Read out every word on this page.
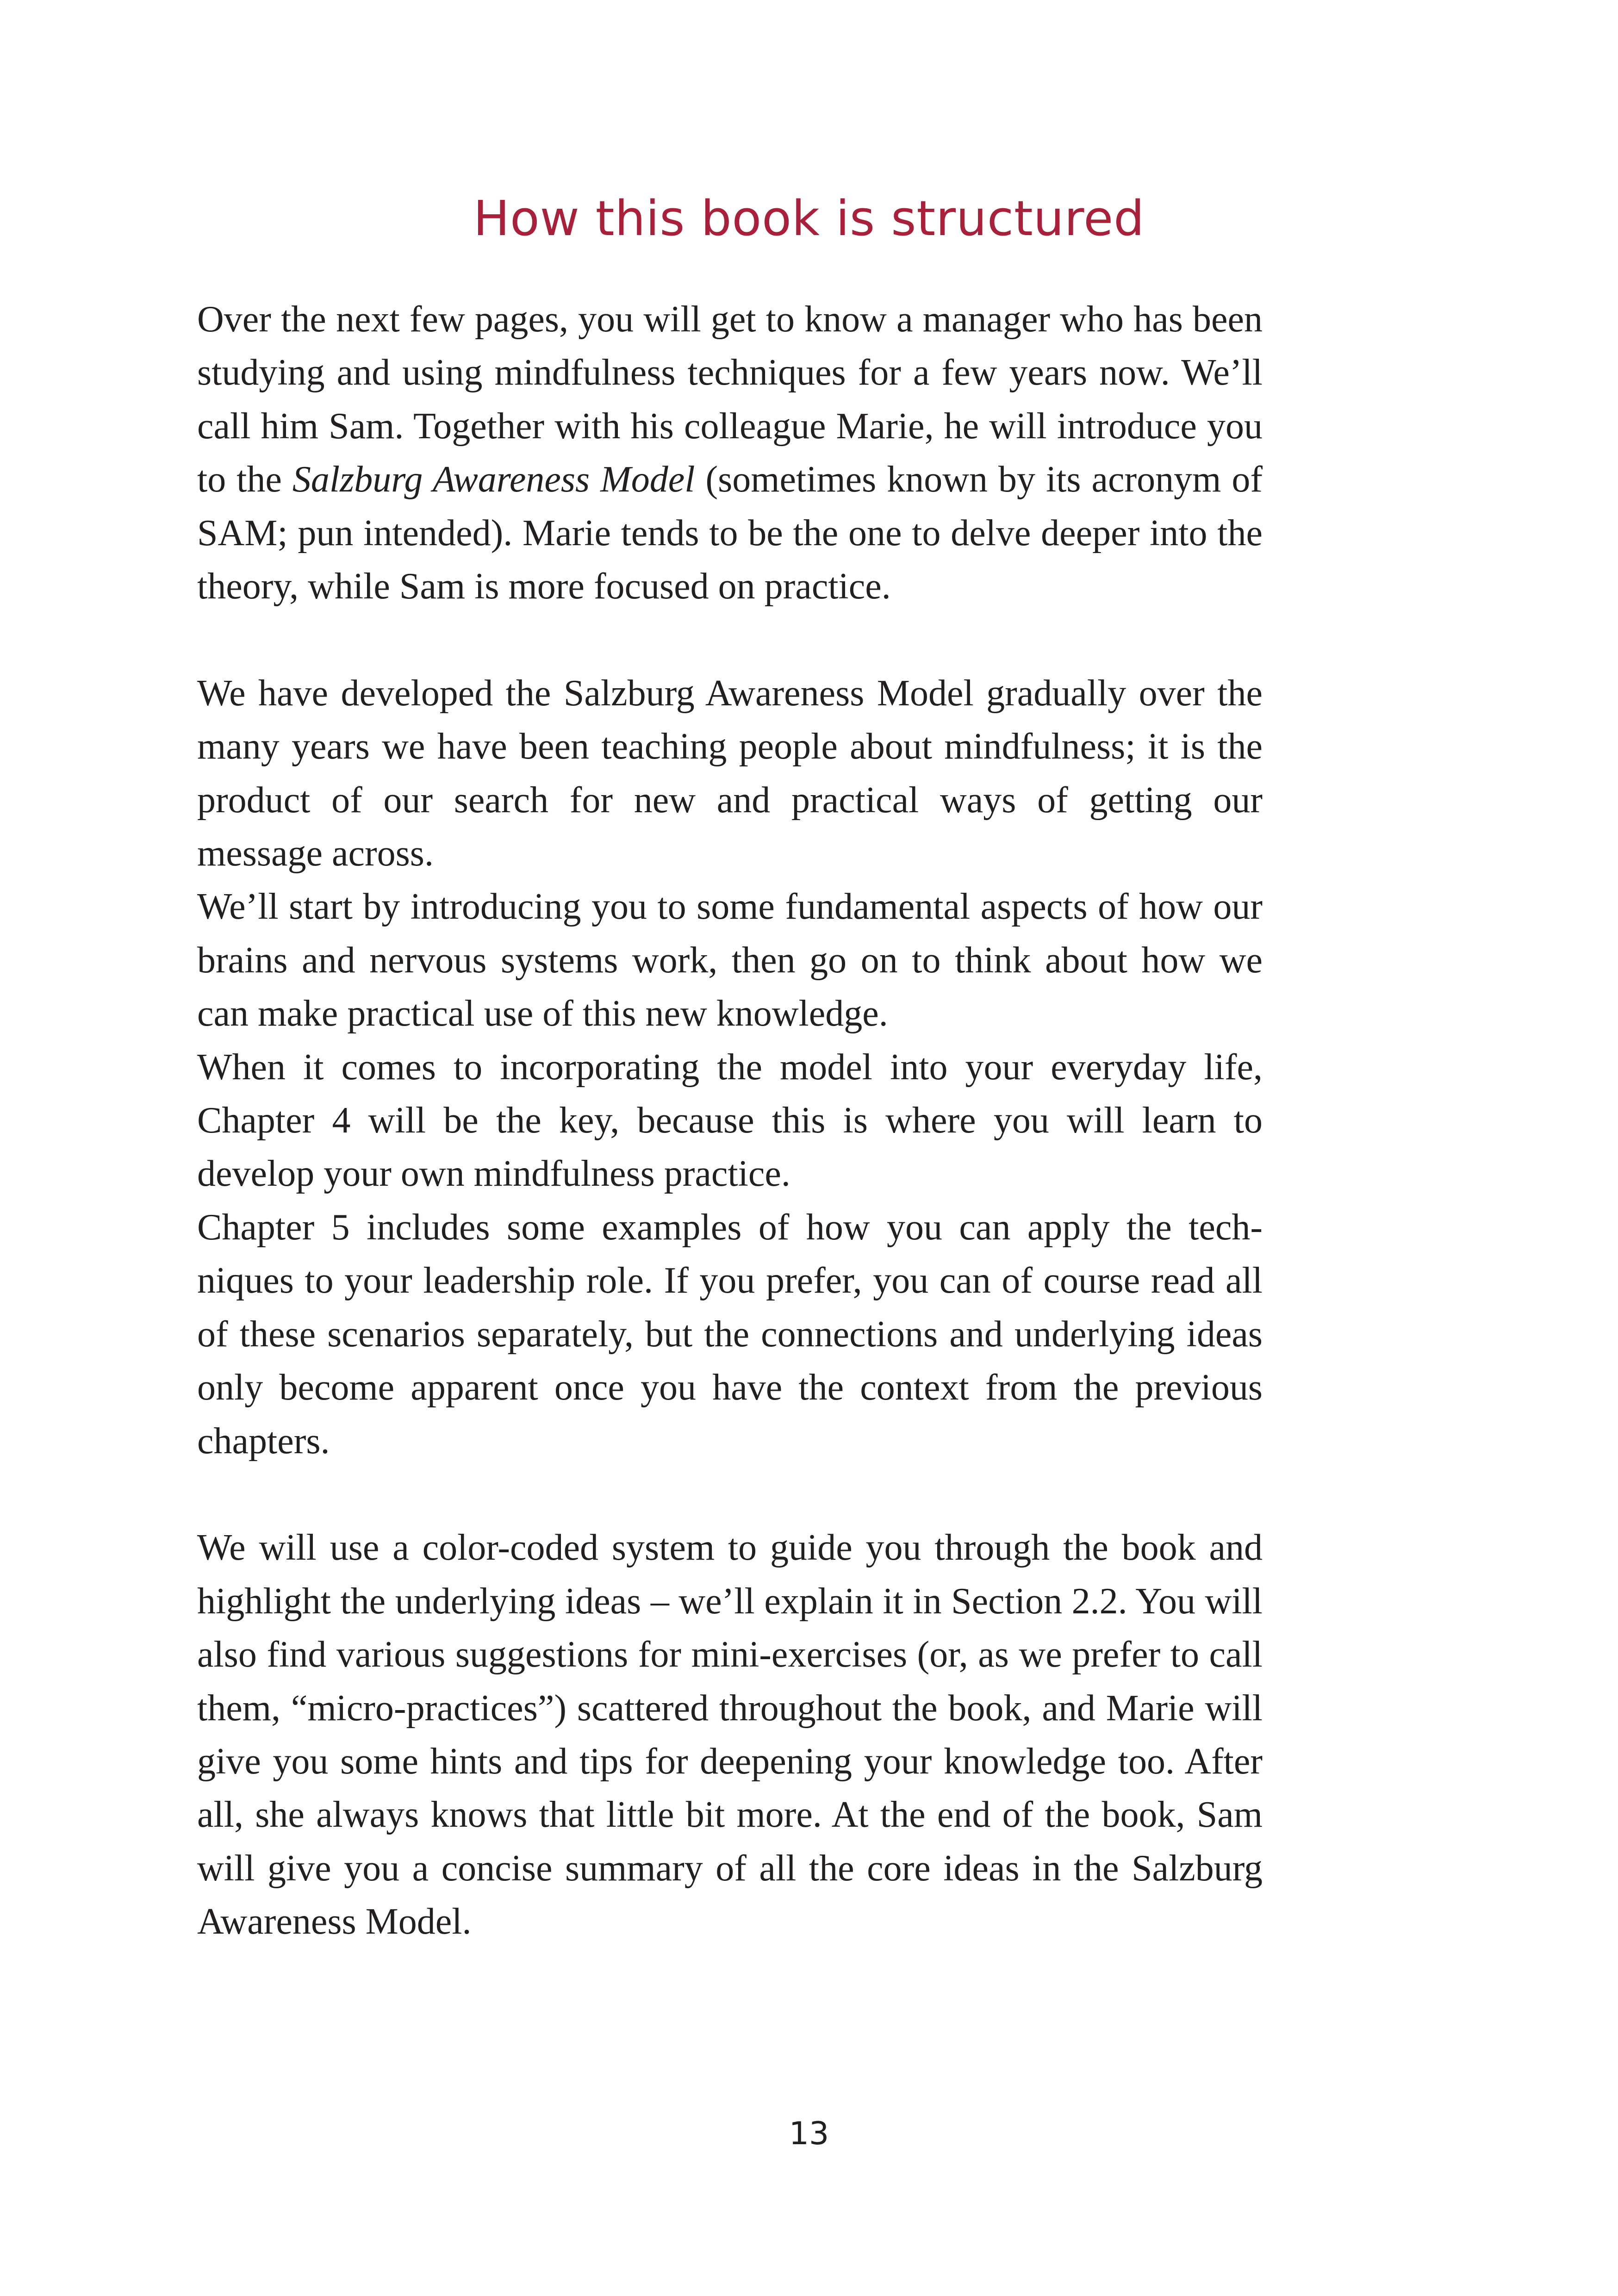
How this book is structured

Over the next few pages, you will get to know a manager who has been studying and using mindfulness techniques for a few years now. We’ll call him Sam. Together with his colleague Marie, he will introduce you to the Salzburg Awareness Model (sometimes known by its acronym of SAM; pun intended). Marie tends to be the one to delve deeper into the theory, while Sam is more focused on practice.

We have developed the Salzburg Awareness Model gradually over the many years we have been teaching people about mindfulness; it is the product of our search for new and practical ways of getting our message across.

We’ll start by introducing you to some fundamental aspects of how our brains and nervous systems work, then go on to think about how we can make practical use of this new knowledge.

When it comes to incorporating the model into your everyday life, Chapter 4 will be the key, because this is where you will learn to develop your own mindfulness practice.

Chapter 5 includes some examples of how you can apply the techniques to your leadership role. If you prefer, you can of course read all of these scenarios separately, but the connections and underlying ideas only become apparent once you have the context from the previous chapters.

We will use a color-coded system to guide you through the book and highlight the underlying ideas – we’ll explain it in Section 2.2. You will also find various suggestions for mini-exercises (or, as we prefer to call them, “micro-practices”) scattered throughout the book, and Marie will give you some hints and tips for deepening your knowledge too. After all, she always knows that little bit more. At the end of the book, Sam will give you a concise summary of all the core ideas in the Salzburg Awareness Model.

13
